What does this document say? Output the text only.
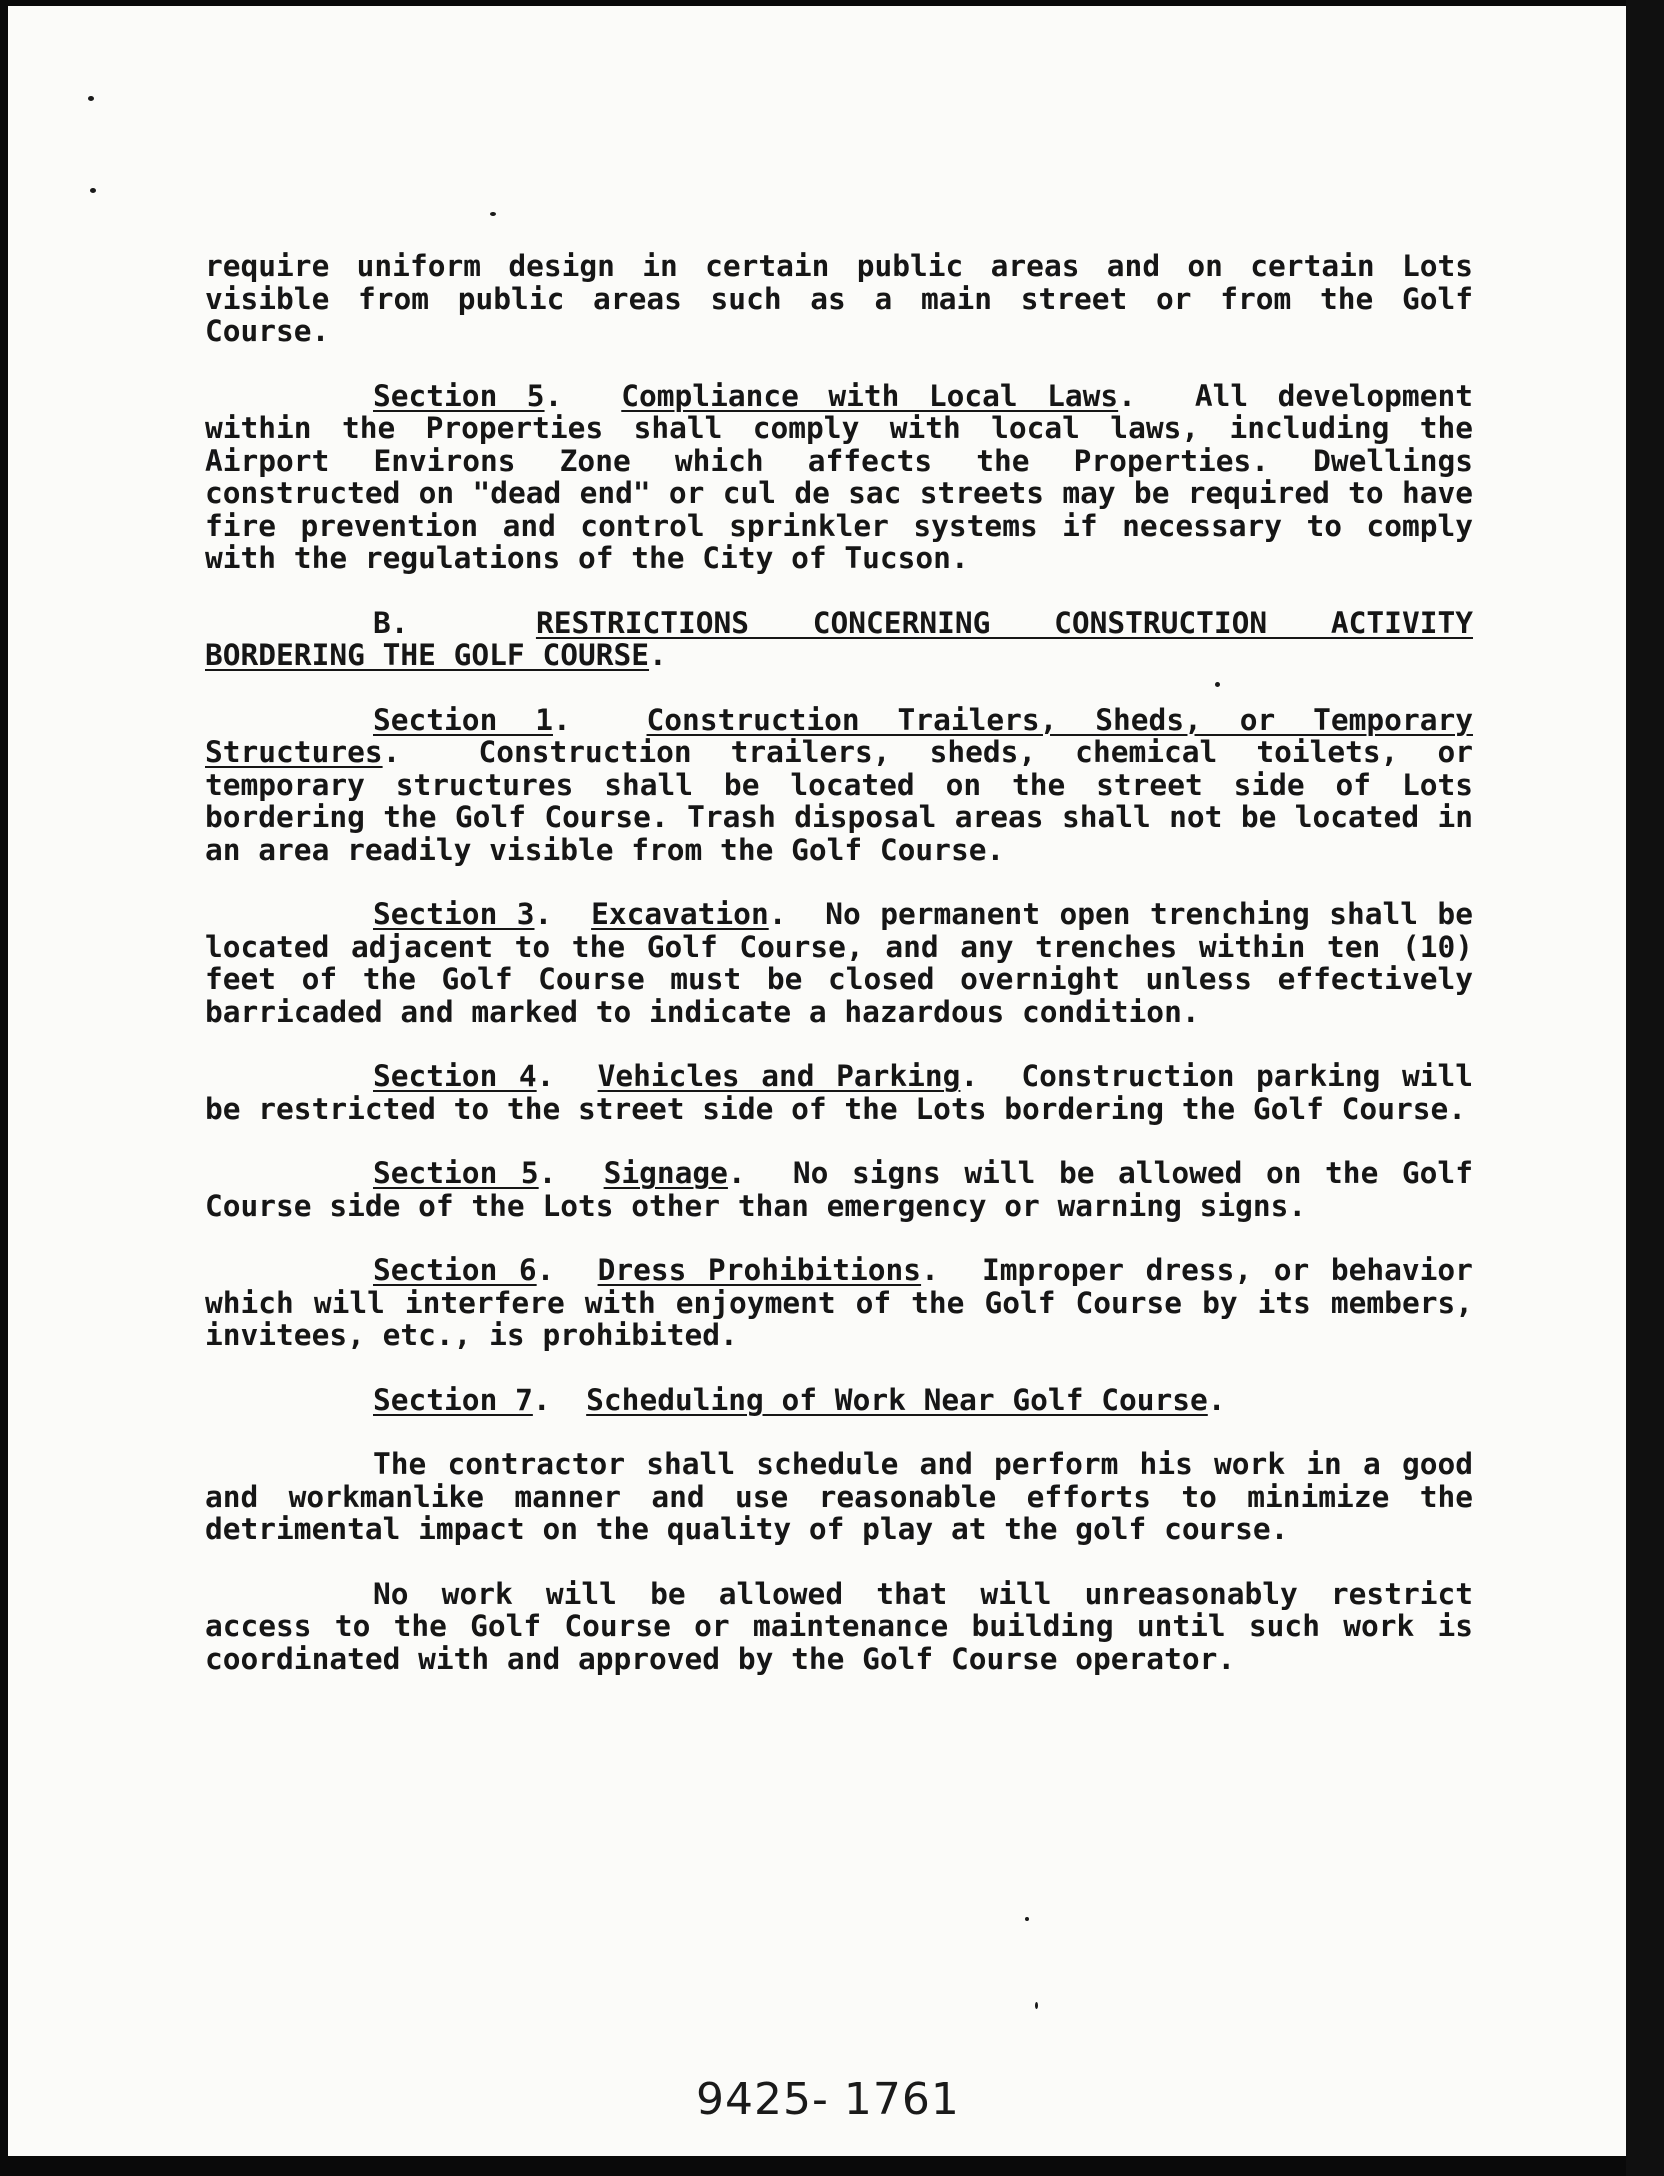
require uniform design in certain public areas and on certain Lots visible from public areas such as a main street or from the Golf Course.

Section 5.  Compliance with Local Laws.  All development within the Properties shall comply with local laws, including the Airport Environs Zone which affects the Properties. Dwellings constructed on "dead end" or cul de sac streets may be required to have fire prevention and control sprinkler systems if necessary to comply with the regulations of the City of Tucson.

B.	RESTRICTIONS CONCERNING CONSTRUCTION ACTIVITY

BORDERING THE GOLF COURSE.

Section 1.  Construction Trailers, Sheds, or Temporary Structures.  Construction trailers, sheds, chemical toilets, or temporary structures shall be located on the street side of Lots bordering the Golf Course. Trash disposal areas shall not be located in an area readily visible from the Golf Course.

Section 3.  Excavation.  No permanent open trenching shall be located adjacent to the Golf Course, and any trenches within ten (10) feet of the Golf Course must be closed overnight unless effectively barricaded and marked to indicate a hazardous condition.

Section 4.  Vehicles and Parking.  Construction parking will be restricted to the street side of the Lots bordering the Golf Course.

Section 5.  Signage.  No signs will be allowed on the Golf Course side of the Lots other than emergency or warning signs.

Section 6.  Dress Prohibitions.  Improper dress, or behavior which will interfere with enjoyment of the Golf Course by its members, invitees, etc., is prohibited.

Section 7.  Scheduling of Work Near Golf Course.

The contractor shall schedule and perform his work in a good and workmanlike manner and use reasonable efforts to minimize the detrimental impact on the quality of play at the golf course.

No work will be allowed that will unreasonably restrict access to the Golf Course or maintenance building until such work is coordinated with and approved by the Golf Course operator.

9425- 1761
